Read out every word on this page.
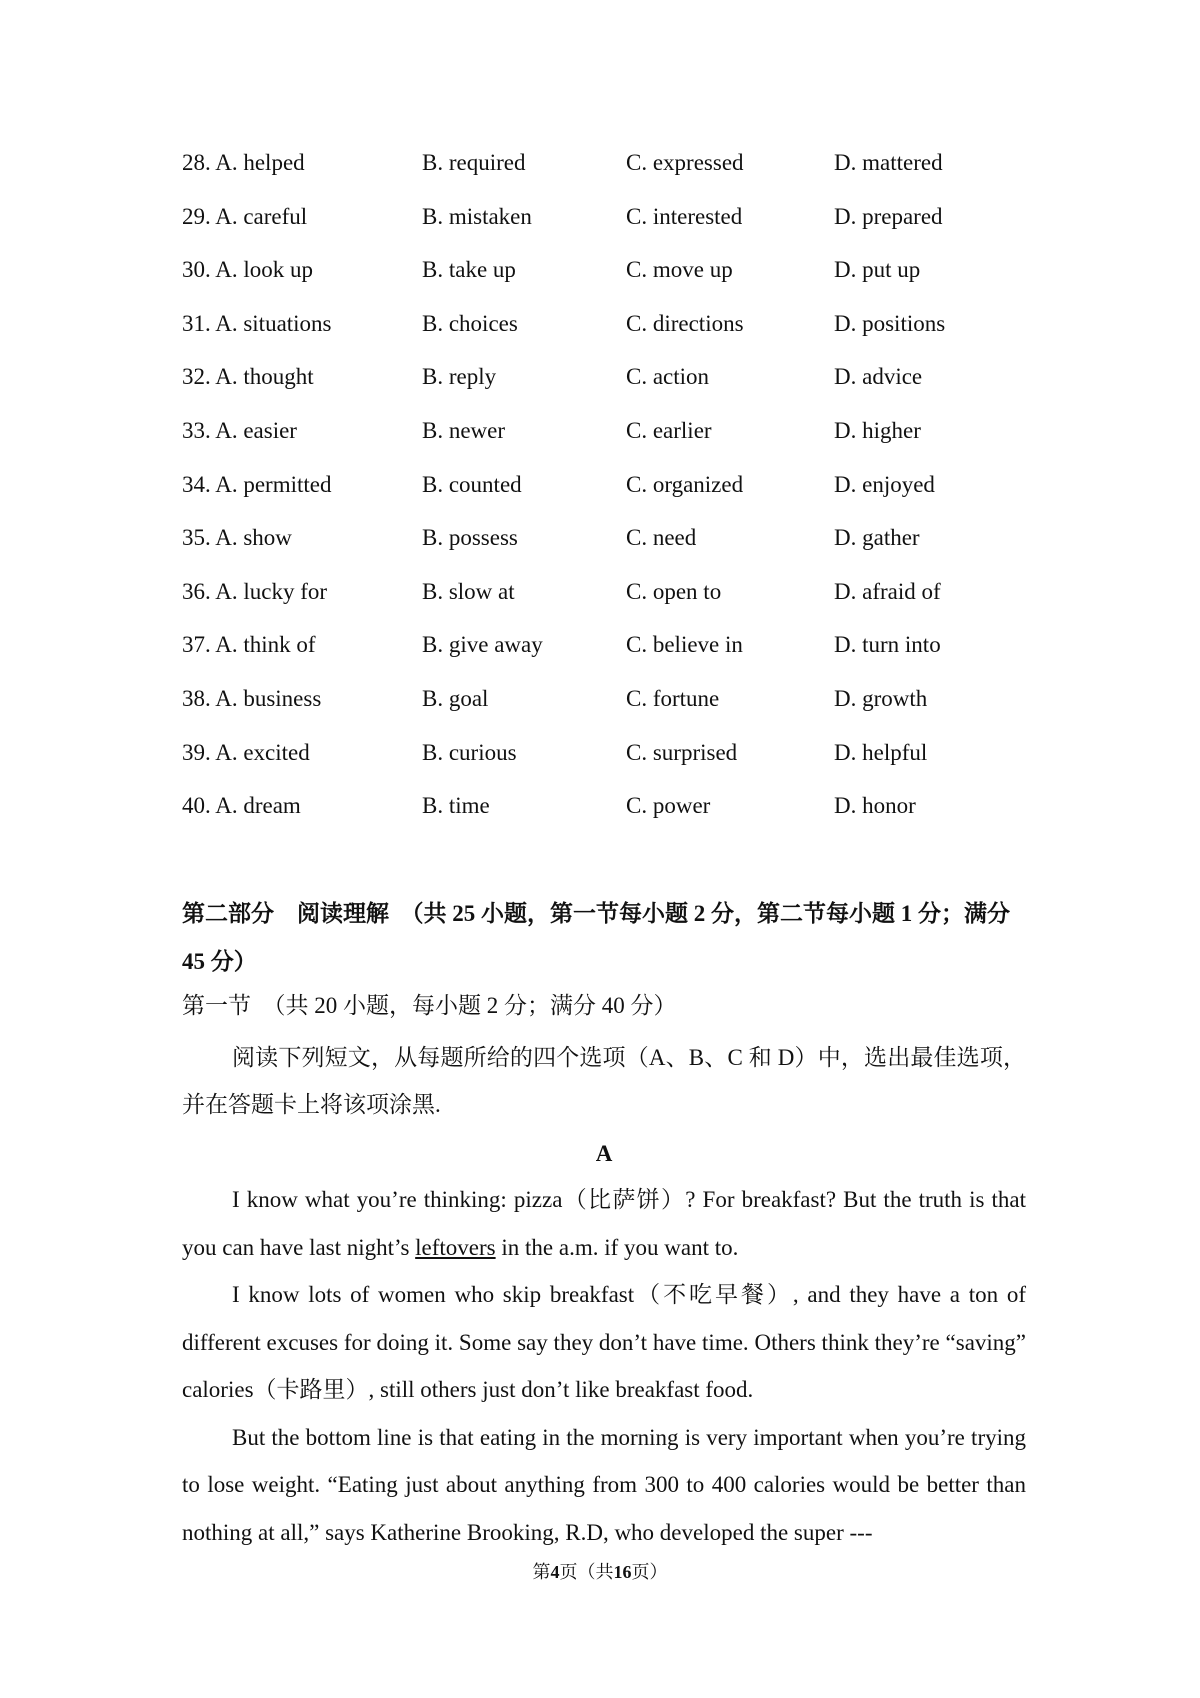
28. A. helped	B. required	C. expressed	D. mattered
29. A. careful	B. mistaken	C. interested	D. prepared
30. A. look up	B. take up	C. move up	D. put up
31. A. situations	B. choices	C. directions	D. positions
32. A. thought	B. reply	C. action	D. advice
33. A. easier	B. newer	C. earlier	D. higher
34. A. permitted	B. counted	C. organized	D. enjoyed
35. A. show	B. possess	C. need	D. gather
36. A. lucky for	B. slow at	C. open to	D. afraid of
37. A. think of	B. give away	C. believe in	D. turn into
38. A. business	B. goal	C. fortune	D. growth
39. A. excited	B. curious	C. surprised	D. helpful
40. A. dream	B. time	C. power	D. honor
第二部分　阅读理解　（共 25 小题，第一节每小题 2 分，第二节每小题 1 分；满分 45 分）
第一节　（共 20 小题，每小题 2 分；满分 40 分）
阅读下列短文，从每题所给的四个选项（A、B、C 和 D）中，选出最佳选项，并在答题卡上将该项涂黑.
A

I know what you’re thinking: pizza（比萨饼）? For breakfast? But the truth is that you can have last night’s leftovers in the a.m. if you want to.

I know lots of women who skip breakfast（不吃早餐）, and they have a ton of different excuses for doing it. Some say they don’t have time. Others think they’re “saving” calories（卡路里）, still others just don’t like breakfast food.

But the bottom line is that eating in the morning is very important when you’re trying to lose weight. “Eating just about anything from 300 to 400 calories would be better than nothing at all,” says Katherine Brooking, R.D, who developed the super ---

第4页（共16页）
